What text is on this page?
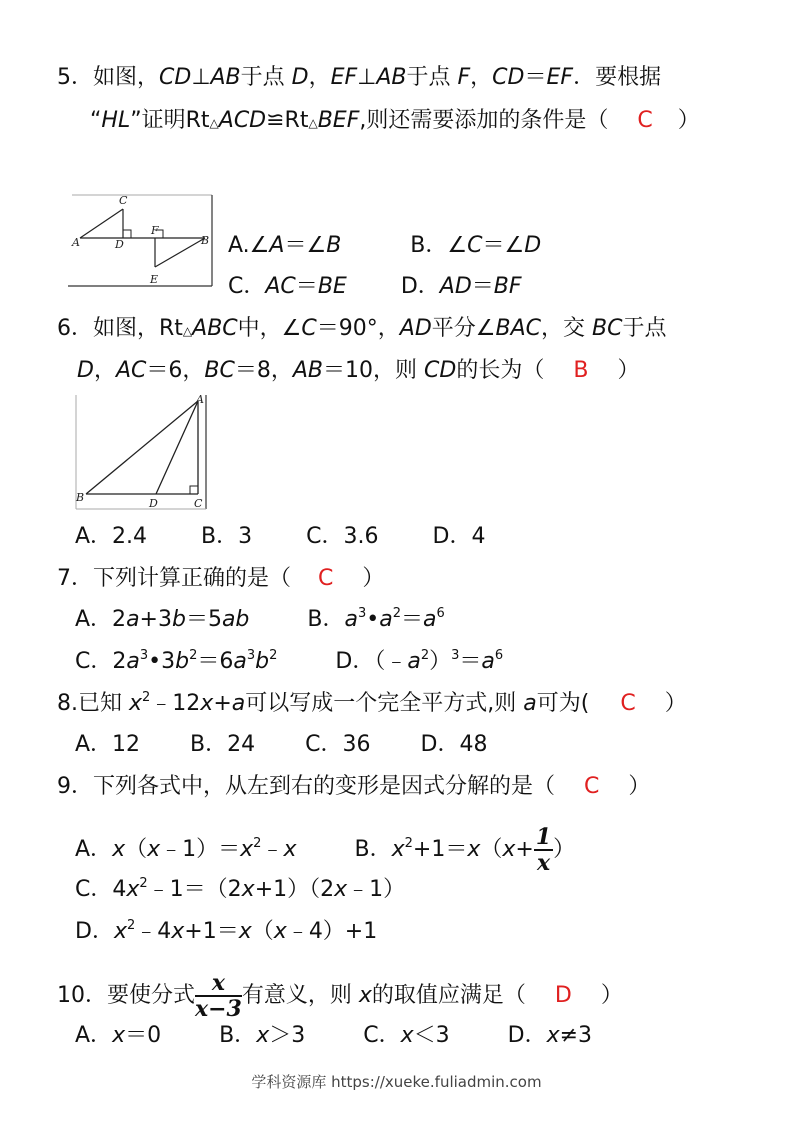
5．如图，CD⊥AB于点 D，EF⊥AB于点 F，CD＝EF．要根据
“HL”证明Rt△ACD≌Rt△BEF,则还需要添加的条件是（ C ）
C
A	D
F
B
E
A.∠A＝∠B	B．∠C＝∠D
C．AC＝BE D．AD＝BF
6．如图，Rt△ABC中，∠C＝90°，AD平分∠BAC，交 BC于点
D，AC＝6，BC＝8，AB＝10，则 CD的长为（ B ）
A
B	D	C
A．2.4 B．3 C．3.6 D．4
7．下列计算正确的是（ C ）
A．2a+3b＝5ab	B．$a^3•a^2=a^6$
C．$2a^3•3b^2=6a^3b^2$	D．$(﹣a^2)^3=a^6$
8.已知 $x^2﹣12x+a$可以写成一个完全平方式,则 a可为( C ）
A．12 B．24 C．36 D．48
9．下列各式中，从左到右的变形是因式分解的是（ C ）
A．$x(x﹣1)=x^2﹣x$	B．$x^2+1=x(x+ \frac{1}{x}$ ）
C．$4x^2﹣1=(2x+1)(2x﹣1)$
D．$x^2﹣4x+1=x(x﹣4)+1$
10．要使分式 $\frac{x}{x-3}$ 有意义，则 x的取值应满足（ D ）
A．x＝0	B．x＞3	C．x＜3	D．x≠3
学科资源库 https://xueke.fuliadmin.com
